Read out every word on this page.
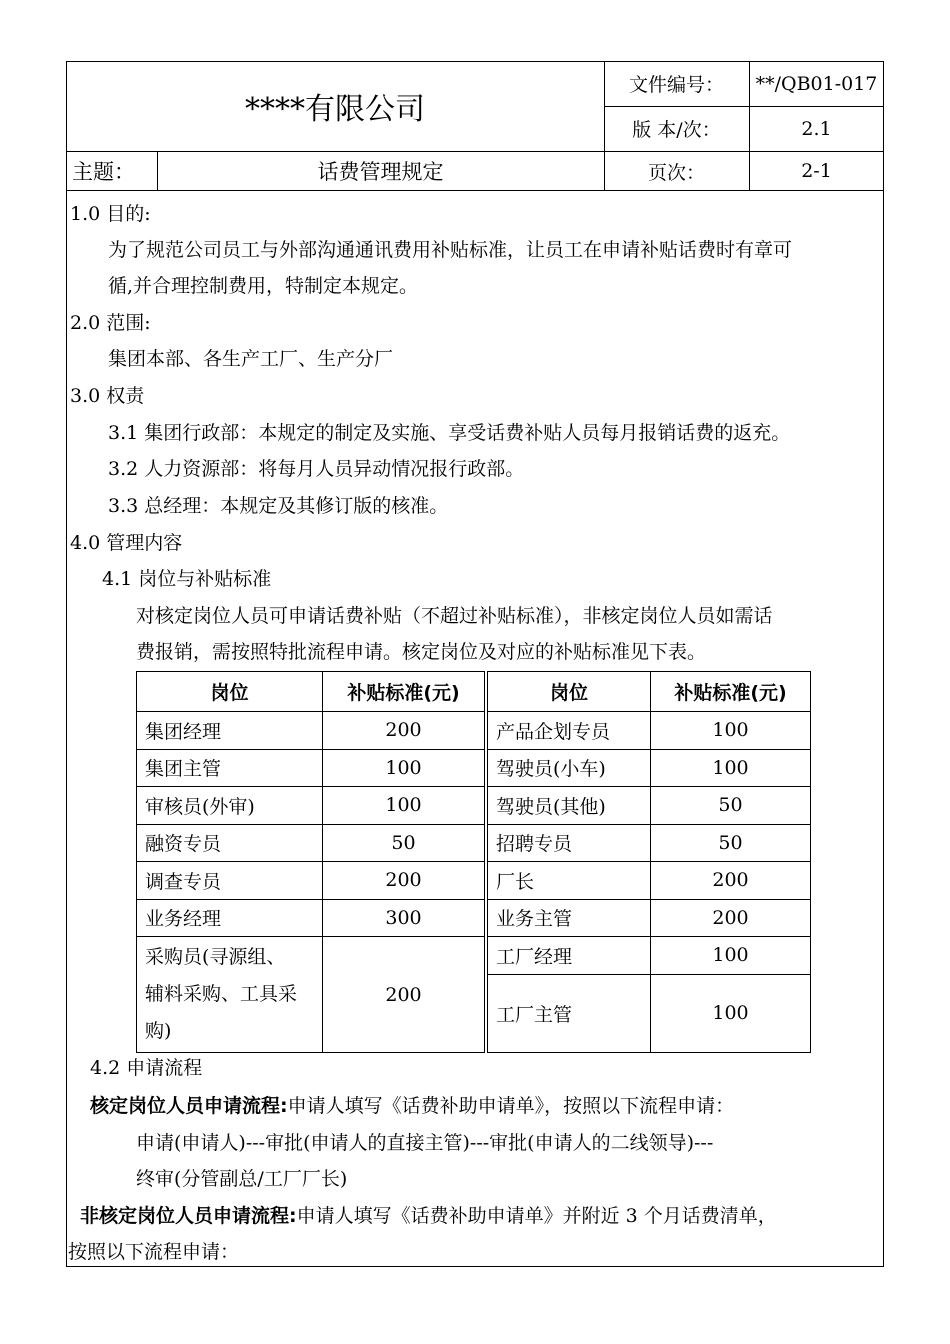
****有限公司
文件编号：	**/QB01-017
版 本/次：	2.1
主题：	话费管理规定	页次：	2-1
1.0 目的:
为了规范公司员工与外部沟通通讯费用补贴标准，让员工在申请补贴话费时有章可
循,并合理控制费用，特制定本规定。
2.0 范围:
集团本部、各生产工厂、生产分厂
3.0 权责
3.1 集团行政部：本规定的制定及实施、享受话费补贴人员每月报销话费的返充。
3.2 人力资源部：将每月人员异动情况报行政部。
3.3 总经理：本规定及其修订版的核准。
4.0 管理内容
4.1 岗位与补贴标准
对核定岗位人员可申请话费补贴（不超过补贴标准），非核定岗位人员如需话
费报销，需按照特批流程申请。核定岗位及对应的补贴标准见下表。
岗位	补贴标准(元)		岗位	补贴标准(元)
集团经理	200		产品企划专员	100
集团主管	100		驾驶员(小车)	100
审核员(外审)	100		驾驶员(其他)	50
融资专员	50		招聘专员	50
调查专员	200		厂长	200
业务经理	300		业务主管	200

采购员(寻源组、
辅料采购、工具采
购)	200		工厂经理	100
			工厂主管	100
4.2 申请流程
核定岗位人员申请流程:申请人填写《话费补助申请单》，按照以下流程申请：
申请(申请人)---审批(申请人的直接主管)---审批(申请人的二线领导)---
终审(分管副总/工厂厂长)
非核定岗位人员申请流程:申请人填写《话费补助申请单》并附近 3 个月话费清单，
按照以下流程申请：
